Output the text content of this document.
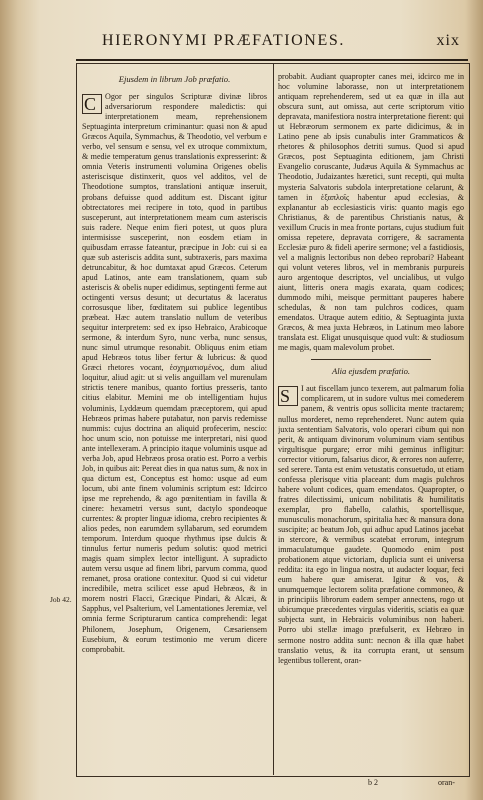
HIERONYMI PRÆFATIONES.	xix
Job 42.
Ejusdem in librum Job præfatio.

C Ogor per singulos Scripturæ divinæ libros adversariorum respondere maledictis: qui interpretationem meam, reprehensionem Septuaginta interpretum criminantur: quasi non & apud Græcos Aquila, Symmachus, & Theodotio, vel verbum e verbo, vel sensum e sensu, vel ex utroque commixtum, & medie temperatum genus translationis expresserint: & omnia Veteris instrumenti volumina Origenes obelis asteriscisque distinxerit, quos vel additos, vel de Theodotione sumptos, translationi antiquæ inseruit, probans defuisse quod additum est. Discant igitur obtrectatores mei recipere in toto, quod in partibus susceperunt, aut interpretationem meam cum asteriscis suis radere. Neque enim fieri potest, ut quos plura intermisisse susceperint, non eosdem etiam in quibusdam errasse fateantur, præcipue in Job: cui si ea quæ sub asteriscis addita sunt, subtraxeris, pars maxima detruncabitur, & hoc dumtaxat apud Græcos. Ceterum apud Latinos, ante eam translationem, quam sub asteriscis & obelis nuper edidimus, septingenti ferme aut octingenti versus desunt; ut decurtatus & laceratus corrosusque liber, fœditatem sui publice legentibus præbeat. Hæc autem translatio nullum de veteribus sequitur interpretem: sed ex ipso Hebraico, Arabicoque sermone, & interdum Syro, nunc verba, nunc sensus, nunc simul utrumque resonabit. Obliquus enim etiam apud Hebræos totus liber fertur & lubricus: & quod Græci rhetores vocant, ἐσχηματισμένος, dum aliud loquitur, aliud agit: ut si velis anguillam vel murenulam strictis tenere manibus, quanto fortius presseris, tanto citius elabitur. Memini me ob intelligentiam hujus voluminis, Lyddæum quemdam præceptorem, qui apud Hebræos primas habere putabatur, non parvis redemisse nummis: cujus doctrina an aliquid profecerim, nescio: hoc unum scio, non potuisse me interpretari, nisi quod ante intellexeram. A principio itaque voluminis usque ad verba Job, apud Hebræos prosa oratio est. Porro a verbis Job, in quibus ait: Pereat dies in qua natus sum, & nox in qua dictum est, Conceptus est homo: usque ad eum locum, ubi ante finem voluminis scriptum est: Idcirco ipse me reprehendo, & ago pœnitentiam in favilla & cinere: hexametri versus sunt, dactylo spondeoque currentes: & propter linguæ idioma, crebro recipientes & alios pedes, non earumdem syllabarum, sed eorumdem temporum. Interdum quoque rhythmus ipse dulcis & tinnulus fertur numeris pedum solutis: quod metrici magis quam simplex lector intelligunt. A supradicto autem versu usque ad finem libri, parvum comma, quod remanet, prosa oratione contexitur. Quod si cui videtur incredibile, metra scilicet esse apud Hebræos, & in morem nostri Flacci, Græcique Pindari, & Alcæi, & Sapphus, vel Psalterium, vel Lamentationes Jeremiæ, vel omnia ferme Scripturarum cantica comprehendi: legat Philonem, Josephum, Origenem, Cæsariensem Eusebium, & eorum testimonio me verum dicere comprobabit.

probabit. Audiant quapropter canes mei, idcirco me in hoc volumine laborasse, non ut interpretationem antiquam reprehenderem, sed ut ea quæ in illa aut obscura sunt, aut omissa, aut certe scriptorum vitio depravata, manifestiora nostra interpretatione fierent: qui ut Hebræorum sermonem ex parte didicimus, & in Latino pene ab ipsis cunabulis inter Grammaticos & rhetores & philosophos detriti sumus. Quod si apud Græcos, post Septuaginta editionem, jam Christi Evangelio coruscante, Judæus Aquila & Symmachus ac Theodotio, Judaizantes hæretici, sunt recepti, qui multa mysteria Salvatoris subdola interpretatione celarunt, & tamen in ἑξαπλοῖς habentur apud ecclesias, & explanantur ab ecclesiasticis viris: quanto magis ego Christianus, & de parentibus Christianis natus, & vexillum Crucis in mea fronte portans, cujus studium fuit omissa repetere, depravata corrigere, & sacramenta Ecclesiæ puro & fideli aperire sermone; vel a fastidiosis, vel a malignis lectoribus non debeo reprobari? Habeant qui volunt veteres libros, vel in membranis purpureis auro argentoque descriptos, vel uncialibus, ut vulgo aiunt, litteris onera magis exarata, quam codices; dummodo mihi, meisque permittant pauperes habere schedulas, & non tam pulchros codices, quam emendatos. Utraque autem editio, & Septuaginta juxta Græcos, & mea juxta Hebræos, in Latinum meo labore translata est. Eligat unusquisque quod vult: & studiosum me magis, quam malevolum probet.

Alia ejusdem præfatio.

S I aut fiscellam junco texerem, aut palmarum folia complicarem, ut in sudore vultus mei comederem panem, & ventris opus sollicita mente tractarem; nullus morderet, nemo reprehenderet. Nunc autem quia juxta sententiam Salvatoris, volo operari cibum qui non perit, & antiquam divinorum voluminum viam sentibus virgultisque purgare; error mihi geminus infligitur: corrector vitiorum, falsarius dicor, & errores non auferre, sed serere. Tanta est enim vetustatis consuetudo, ut etiam confessa plerisque vitia placeant: dum magis pulchros habere volunt codices, quam emendatos. Quapropter, o fratres dilectissimi, unicum nobilitatis & humilitatis exemplar, pro flabello, calathis, sportellisque, munusculis monachorum, spiritalia hæc & mansura dona suscipite; ac beatum Job, qui adhuc apud Latinos jacebat in stercore, & vermibus scatebat errorum, integrum immaculatumque gaudete. Quomodo enim post probationem atque victoriam, duplicia sunt ei universa reddita: ita ego in lingua nostra, ut audacter loquar, feci eum habere quæ amiserat. Igitur & vos, & unumquemque lectorem solita præfatione commoneo, & in principiis librorum eadem semper annectens, rogo ut ubicumque præcedentes virgulas videritis, sciatis ea quæ subjecta sunt, in Hebraicis voluminibus non haberi. Porro ubi stellæ imago præfulserit, ex Hebræo in sermone nostro addita sunt: necnon & illa quæ habet translatio vetus, & ita corrupta erant, ut sensum legentibus tollerent, oran-

b 2	oran-
